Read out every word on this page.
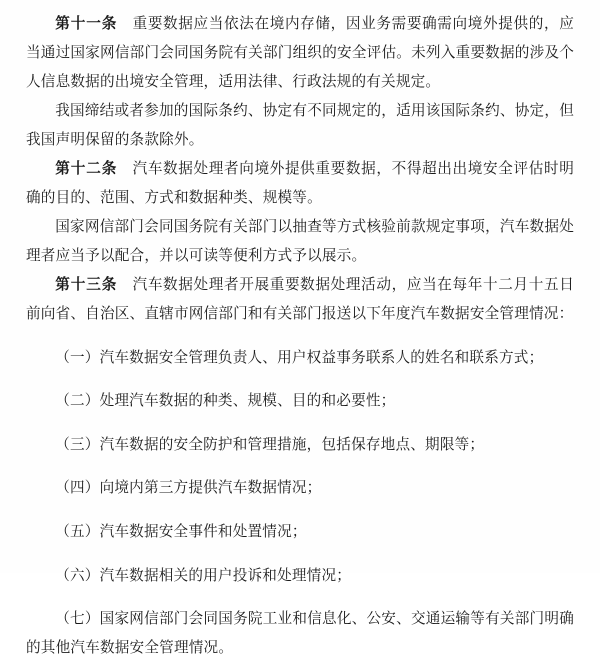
第十一条　重要数据应当依法在境内存储，因业务需要确需向境外提供的，应当通过国家网信部门会同国务院有关部门组织的安全评估。未列入重要数据的涉及个人信息数据的出境安全管理，适用法律、行政法规的有关规定。

我国缔结或者参加的国际条约、协定有不同规定的，适用该国际条约、协定，但我国声明保留的条款除外。

第十二条　汽车数据处理者向境外提供重要数据，不得超出出境安全评估时明确的目的、范围、方式和数据种类、规模等。

国家网信部门会同国务院有关部门以抽查等方式核验前款规定事项，汽车数据处理者应当予以配合，并以可读等便利方式予以展示。

第十三条　汽车数据处理者开展重要数据处理活动，应当在每年十二月十五日前向省、自治区、直辖市网信部门和有关部门报送以下年度汽车数据安全管理情况：

（一）汽车数据安全管理负责人、用户权益事务联系人的姓名和联系方式；

（二）处理汽车数据的种类、规模、目的和必要性；

（三）汽车数据的安全防护和管理措施，包括保存地点、期限等；

（四）向境内第三方提供汽车数据情况；

（五）汽车数据安全事件和处置情况；

（六）汽车数据相关的用户投诉和处理情况；

（七）国家网信部门会同国务院工业和信息化、公安、交通运输等有关部门明确的其他汽车数据安全管理情况。
